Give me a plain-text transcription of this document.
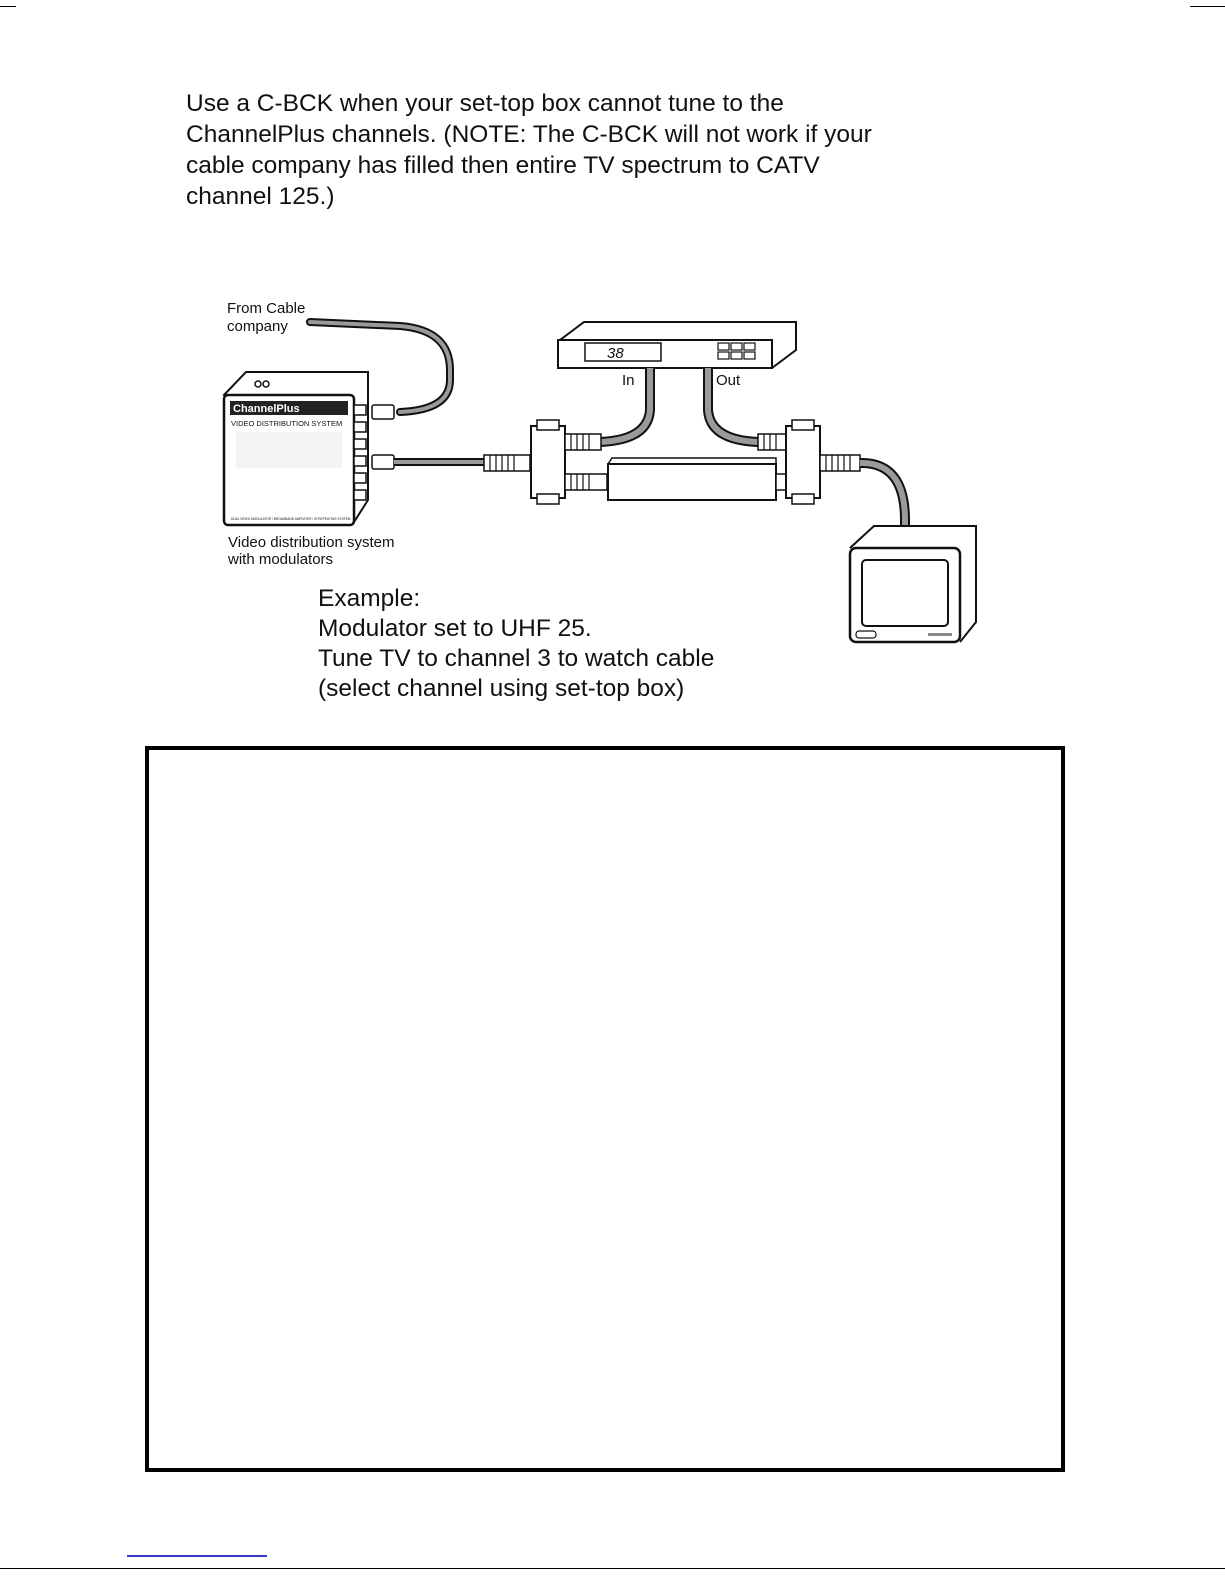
Use a C-BCK when your set-top box cannot tune to the
ChannelPlus channels. (NOTE: The C-BCK will not work if your
cable company has filled then entire TV spectrum to CATV
channel 125.)
From Cable
company
ChannelPlus
VIDEO DISTRIBUTION SYSTEM
DUAL VIDEO MODULATOR / BROADBAND AMPLIFIER / IR REPEATING SYSTEM
Video distribution system
with modulators
38
In	Out
Example:
Modulator set to UHF 25.
Tune TV to channel 3 to watch cable
(select channel using set-top box)
